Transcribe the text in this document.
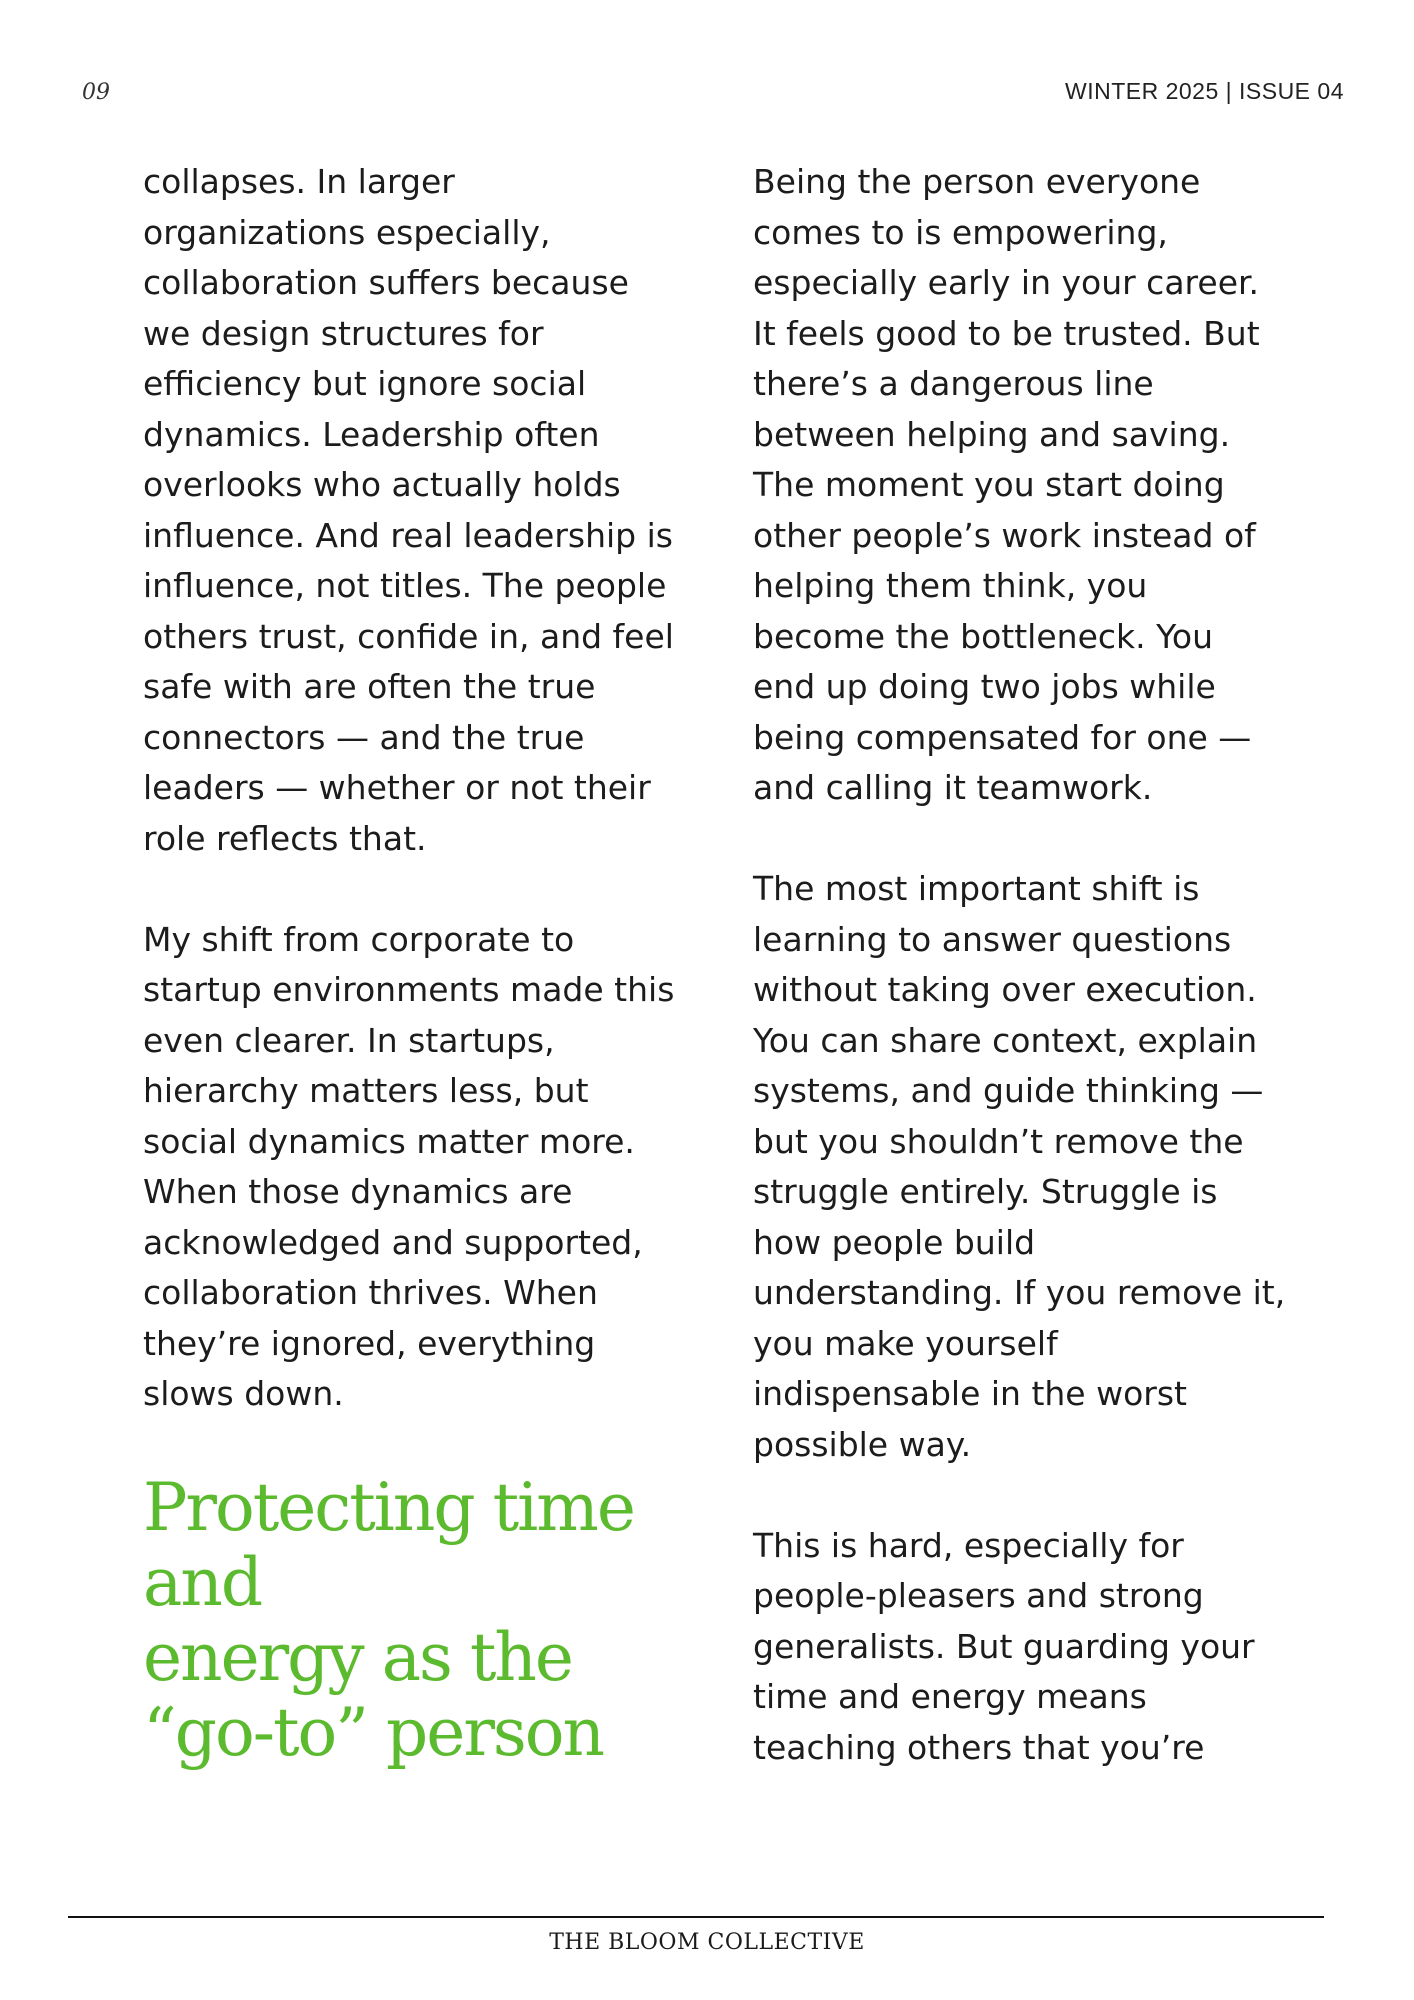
09	WINTER 2025 | ISSUE 04

collapses. In larger
organizations especially,
collaboration suffers because
we design structures for
efficiency but ignore social
dynamics. Leadership often
overlooks who actually holds
influence. And real leadership is
influence, not titles. The people
others trust, confide in, and feel
safe with are often the true
connectors — and the true
leaders — whether or not their
role reflects that.

My shift from corporate to
startup environments made this
even clearer. In startups,
hierarchy matters less, but
social dynamics matter more.
When those dynamics are
acknowledged and supported,
collaboration thrives. When
they’re ignored, everything
slows down.

Protecting time
and
energy as the
“go-to” person

Being the person everyone
comes to is empowering,
especially early in your career.
It feels good to be trusted. But
there’s a dangerous line
between helping and saving.
The moment you start doing
other people’s work instead of
helping them think, you
become the bottleneck. You
end up doing two jobs while
being compensated for one —
and calling it teamwork.

The most important shift is
learning to answer questions
without taking over execution.
You can share context, explain
systems, and guide thinking —
but you shouldn’t remove the
struggle entirely. Struggle is
how people build
understanding. If you remove it,
you make yourself
indispensable in the worst
possible way.

This is hard, especially for
people-pleasers and strong
generalists. But guarding your
time and energy means
teaching others that you’re

THE BLOOM COLLECTIVE
